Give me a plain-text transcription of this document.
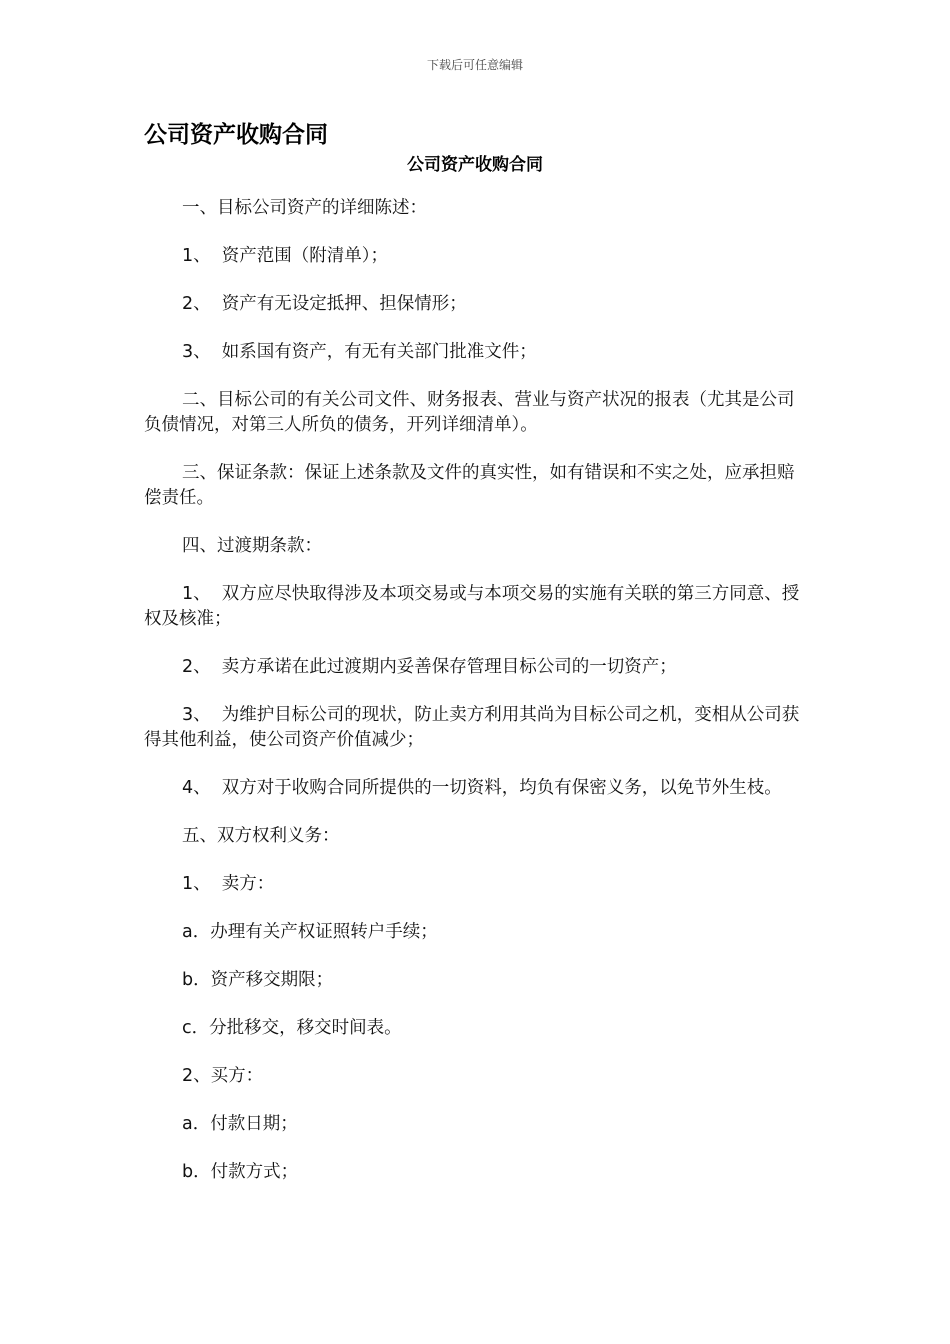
下载后可任意编辑
公司资产收购合同
公司资产收购合同

一、目标公司资产的详细陈述：

1、  资产范围（附清单）；

2、  资产有无设定抵押、担保情形；

3、  如系国有资产，有无有关部门批准文件；

二、目标公司的有关公司文件、财务报表、营业与资产状况的报表（尤其是公司负债情况，对第三人所负的债务，开列详细清单）。

三、保证条款：保证上述条款及文件的真实性，如有错误和不实之处，应承担赔偿责任。

四、过渡期条款：

1、  双方应尽快取得涉及本项交易或与本项交易的实施有关联的第三方同意、授权及核准；

2、  卖方承诺在此过渡期内妥善保存管理目标公司的一切资产；

3、  为维护目标公司的现状，防止卖方利用其尚为目标公司之机，变相从公司获得其他利益，使公司资产价值减少；

4、  双方对于收购合同所提供的一切资料，均负有保密义务，以免节外生枝。

五、双方权利义务：

1、  卖方：

a．办理有关产权证照转户手续；

b．资产移交期限；

c．分批移交，移交时间表。

2、买方：

a．付款日期；

b．付款方式；
